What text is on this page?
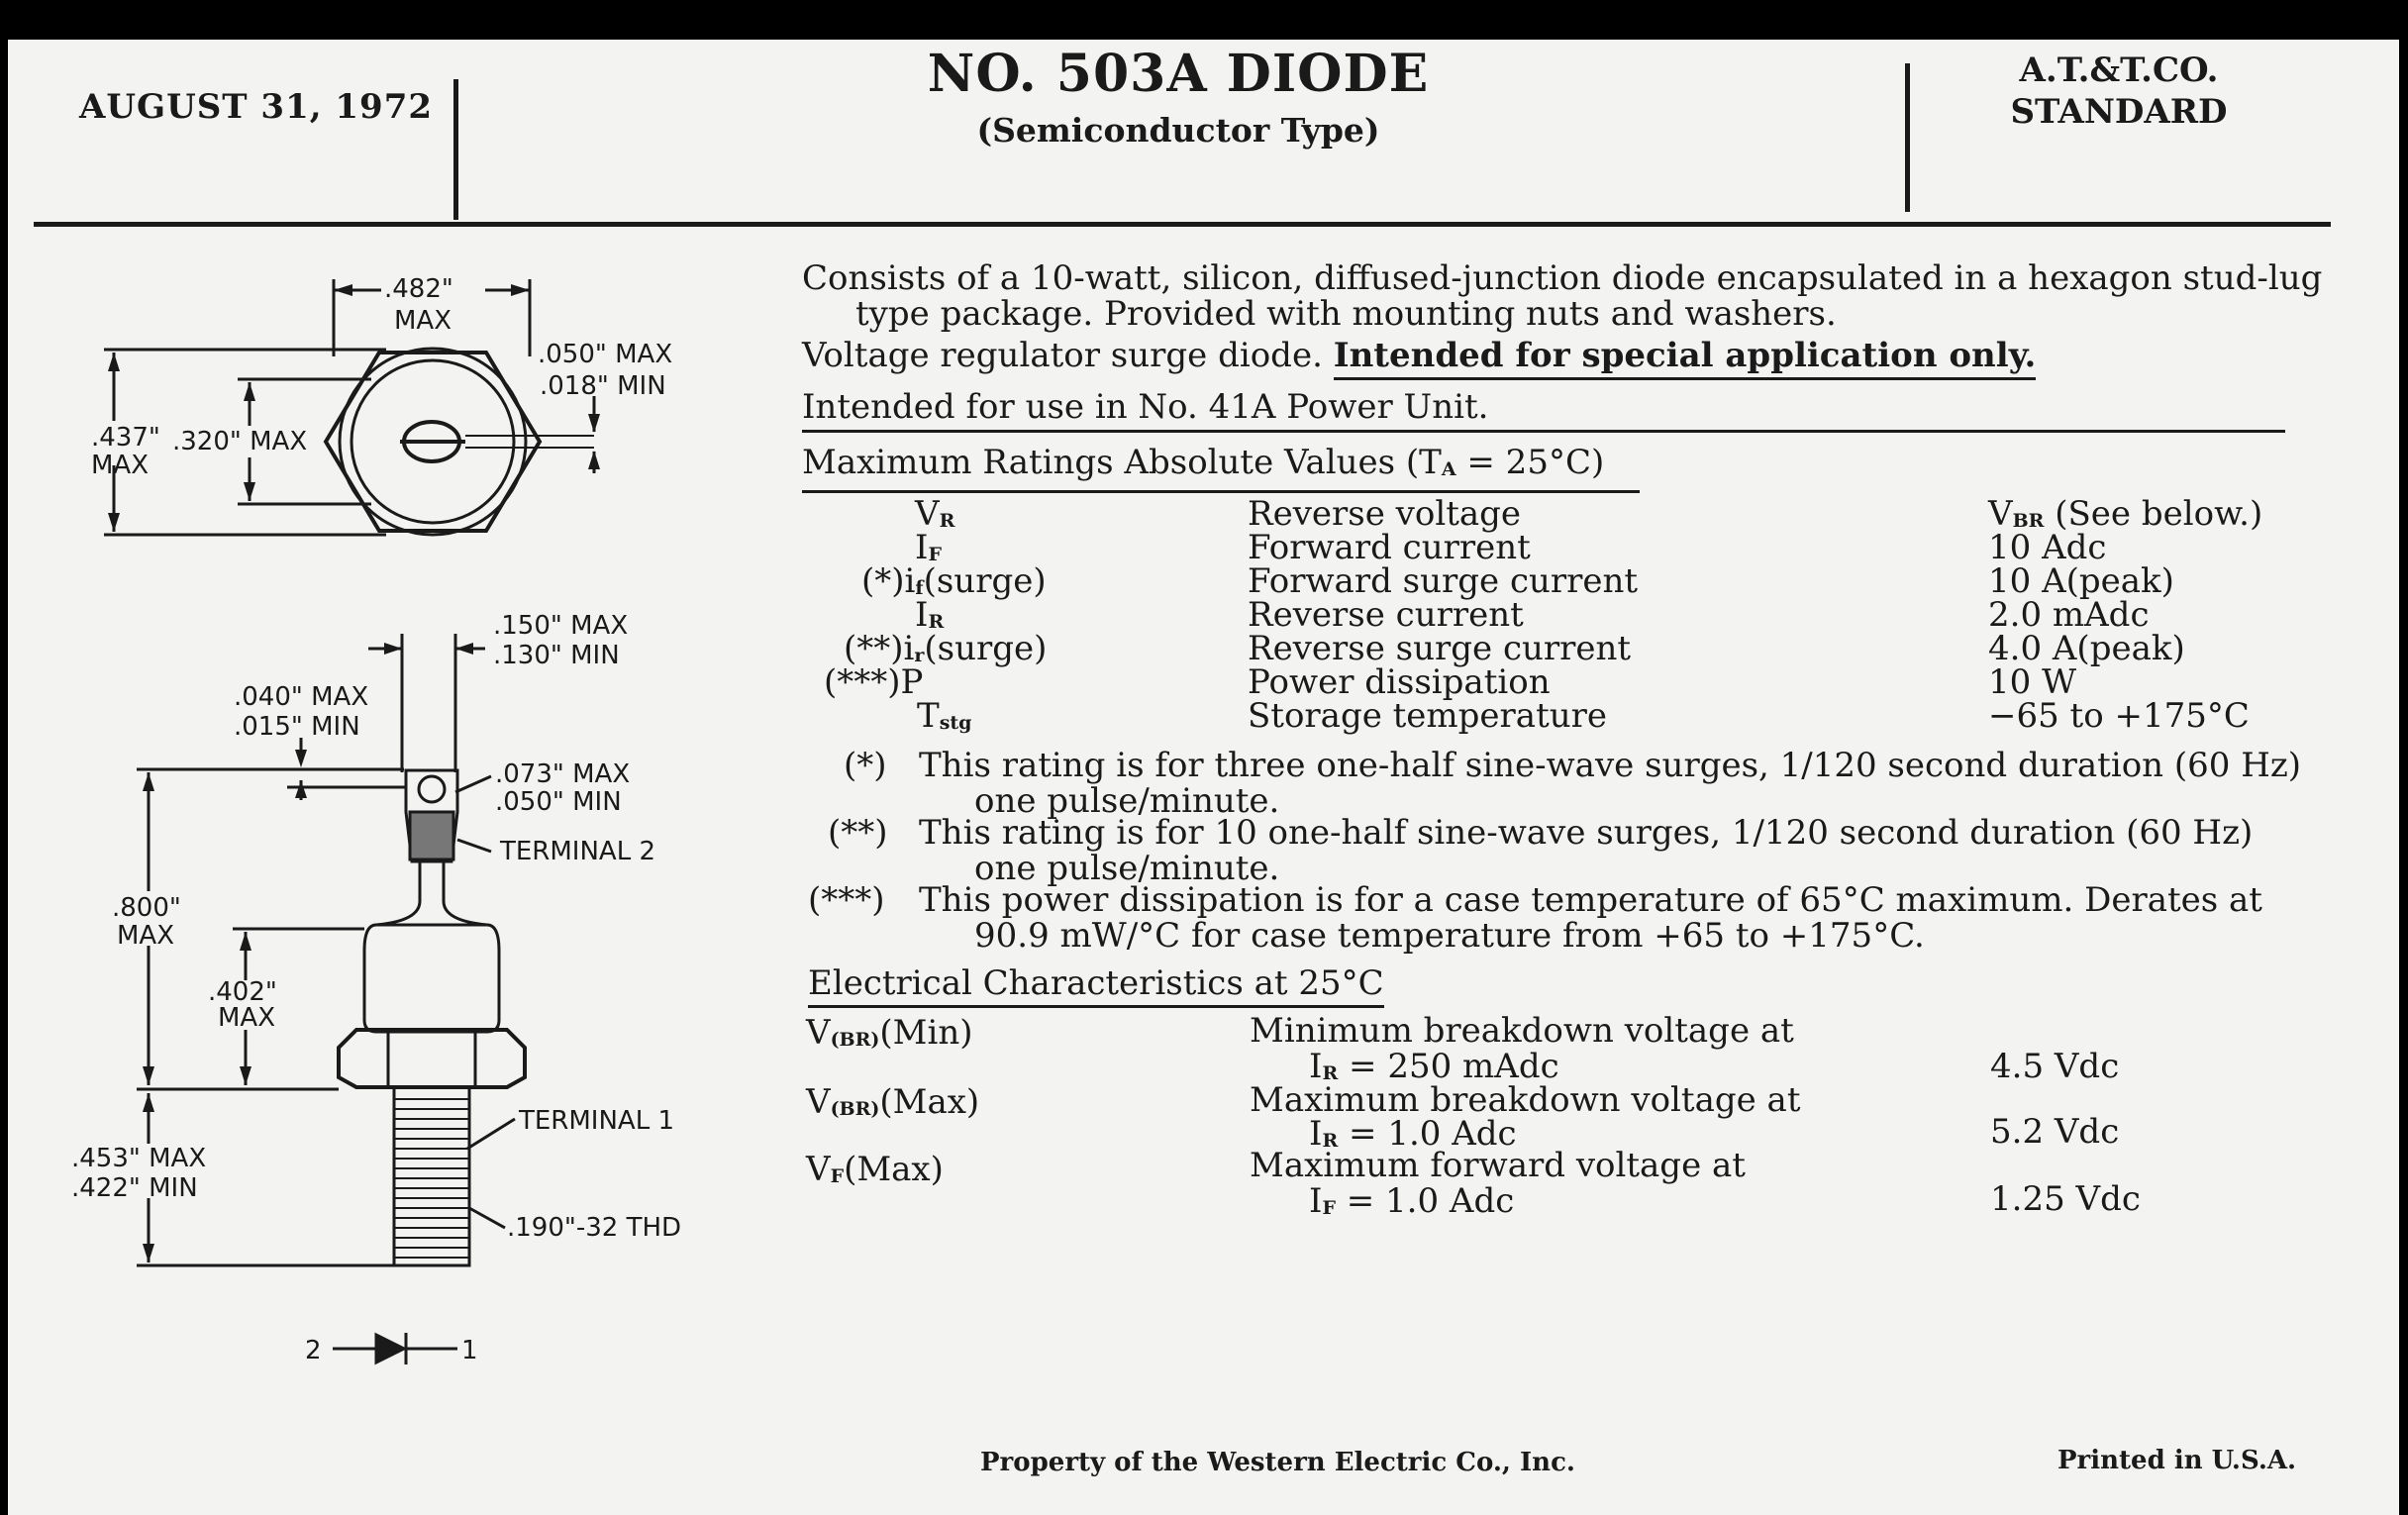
AUGUST 31, 1972
NO. 503A DIODE
(Semiconductor Type)
A.T.&T.CO.
STANDARD
Consists of a 10-watt, silicon, diffused-junction diode encapsulated in a hexagon stud-lug
type package. Provided with mounting nuts and washers.
Voltage regulator surge diode. Intended for special application only.
Intended for use in No. 41A Power Unit.
Maximum Ratings Absolute Values $(T_A = 25^\circ C)$
$V_R$	Reverse voltage	$V_{BR}$ (See below.)
$I_F$	Forward current	10 Adc
$(*)i_f(surge)$	Forward surge current	10 A(peak)
$I_R$	Reverse current	2.0 mAdc
$(**)i_r(surge)$	Reverse surge current	4.0 A(peak)
(***)P	Power dissipation	10 W
$T_{stg}$	Storage temperature	−65 to +175°C
(*) This rating is for three one-half sine-wave surges, 1/120 second duration (60 Hz)
one pulse/minute.
(**) This rating is for 10 one-half sine-wave surges, 1/120 second duration (60 Hz)
one pulse/minute.
(***) This power dissipation is for a case temperature of 65°C maximum. Derates at
90.9 mW/°C for case temperature from +65 to +175°C.
Electrical Characteristics at 25°C
$V_{(BR)}(Min)$	Minimum breakdown voltage at
$I_R = 250$ mAdc	4.5 Vdc
$V_{(BR)}(Max)$	Maximum breakdown voltage at
$I_R = 1.0$ Adc	5.2 Vdc
$V_F(Max)$	Maximum forward voltage at
$I_F = 1.0$ Adc	1.25 Vdc
.482"
MAX
.050" MAX
.018" MIN
.437"
MAX
.320" MAX
.150" MAX
.130" MIN
.040" MAX
.015" MIN
.073" MAX
.050" MIN
TERMINAL 2
.800"
MAX
.402"
MAX
TERMINAL 1
.453" MAX
.422" MIN
.190"-32 THD
2	1
Property of the Western Electric Co., Inc.	Printed in U.S.A.
